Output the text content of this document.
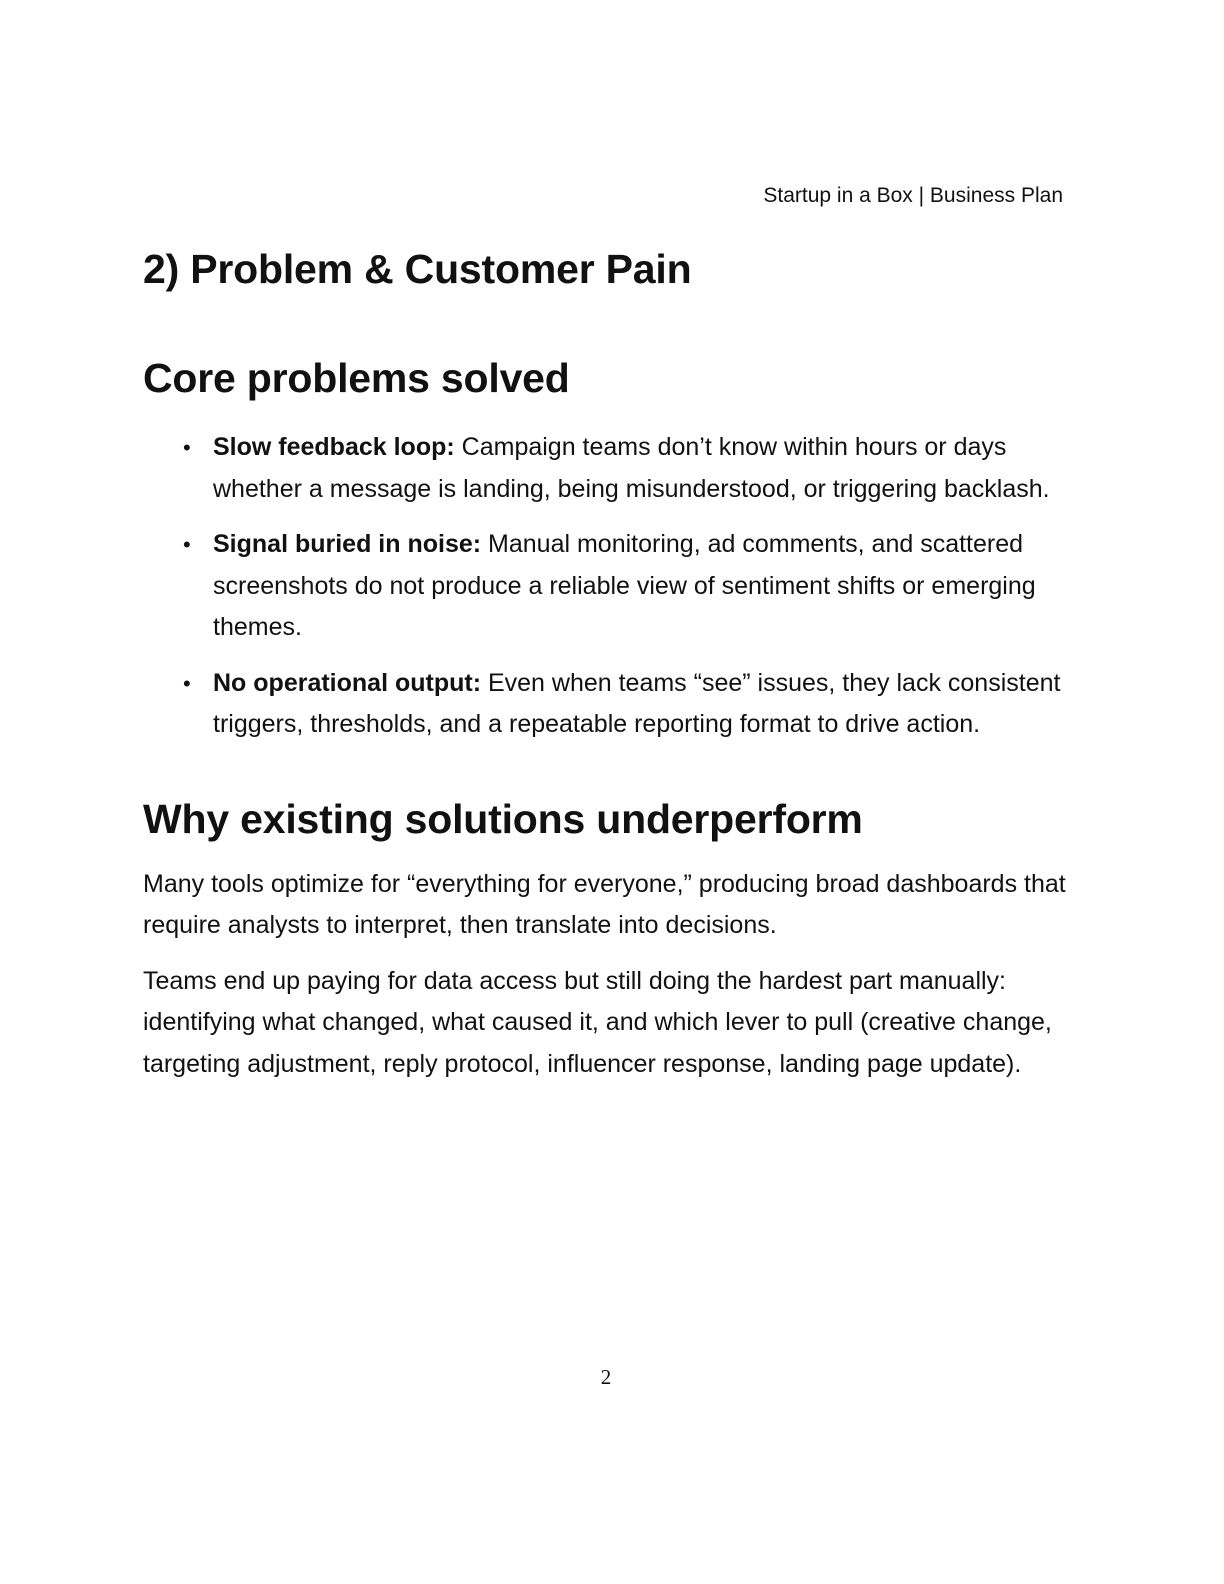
Startup in a Box | Business Plan
2) Problem & Customer Pain
Core problems solved
• Slow feedback loop: Campaign teams don’t know within hours or days whether a message is landing, being misunderstood, or triggering backlash.
• Signal buried in noise: Manual monitoring, ad comments, and scattered screenshots do not produce a reliable view of sentiment shifts or emerging themes.
• No operational output: Even when teams “see” issues, they lack consistent triggers, thresholds, and a repeatable reporting format to drive action.
Why existing solutions underperform

Many tools optimize for “everything for everyone,” producing broad dashboards that require analysts to interpret, then translate into decisions.

Teams end up paying for data access but still doing the hardest part manually: identifying what changed, what caused it, and which lever to pull (creative change, targeting adjustment, reply protocol, influencer response, landing page update).

2
